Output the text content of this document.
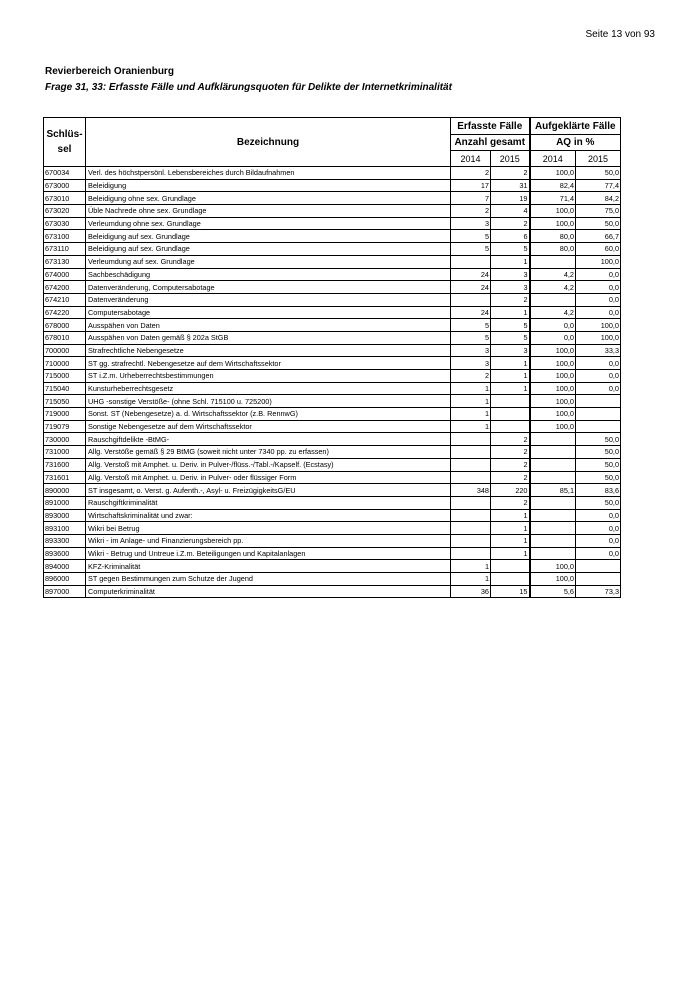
Seite 13 von 93
Revierbereich Oranienburg
Frage 31, 33: Erfasste Fälle und Aufklärungsquoten für Delikte der Internetkriminalität
Schlüs-
sel	Bezeichnung	Erfasste Fälle		Aufgeklärte Fälle	
		Anzahl gesamt		AQ in %	
		2014	2015	2014	2015
670034	Verl. des höchstpersönl. Lebensbereiches durch Bildaufnahmen	2	2	100,0	50,0
673000	Beleidigung	17	31	82,4	77,4
673010	Beleidigung ohne sex. Grundlage	7	19	71,4	84,2
673020	Üble Nachrede ohne sex. Grundlage	2	4	100,0	75,0
673030	Verleumdung ohne sex. Grundlage	3	2	100,0	50,0
673100	Beleidigung auf sex. Grundlage	5	6	80,0	66,7
673110	Beleidigung auf sex. Grundlage	5	5	80,0	60,0
673130	Verleumdung auf sex. Grundlage		1		100,0
674000	Sachbeschädigung	24	3	4,2	0,0
674200	Datenveränderung, Computersabotage	24	3	4,2	0,0
674210	Datenveränderung		2		0,0
674220	Computersabotage	24	1	4,2	0,0
678000	Ausspähen von Daten	5	5	0,0	100,0
678010	Ausspähen von Daten gemäß § 202a StGB	5	5	0,0	100,0
700000	Strafrechtliche Nebengesetze	3	3	100,0	33,3
710000	ST gg. strafrechtl. Nebengesetze auf dem Wirtschaftssektor	3	1	100,0	0,0
715000	ST i.Z.m. Urheberrechtsbestimmungen	2	1	100,0	0,0
715040	Kunsturheberrechtsgesetz	1	1	100,0	0,0
715050	UHG -sonstige Verstöße- (ohne Schl. 715100 u. 725200)	1		100,0	
719000	Sonst. ST (Nebengesetze) a. d. Wirtschaftssektor (z.B. RennwG)	1		100,0	
719079	Sonstige Nebengesetze auf dem Wirtschaftssektor	1		100,0	
730000	Rauschgiftdelikte -BtMG-		2		50,0
731000	Allg. Verstöße gemäß § 29 BtMG (soweit nicht unter 7340 pp. zu erfassen)		2		50,0
731600	Allg. Verstoß mit Amphet. u. Deriv. in Pulver-/flüss.-/Tabl.-/Kapself. (Ecstasy)		2		50,0
731601	Allg. Verstoß mit Amphet. u. Deriv. in Pulver- oder flüssiger Form		2		50,0
890000	ST insgesamt, o. Verst. g. Aufenth.-, Asyl- u. FreizügigkeitsG/EU	348	220	85,1	83,6
891000	Rauschgiftkriminalität		2		50,0
893000	Wirtschaftskriminalität und zwar:		1		0,0
893100	Wikri bei Betrug		1		0,0
893300	Wikri - im Anlage- und Finanzierungsbereich pp.		1		0,0
893600	Wikri - Betrug und Untreue i.Z.m. Beteiligungen und Kapitalanlagen		1		0,0
894000	KFZ-Kriminalität	1		100,0	
896000	ST gegen Bestimmungen zum Schutze der Jugend	1		100,0	
897000	Computerkriminalität	36	15	5,6	73,3
